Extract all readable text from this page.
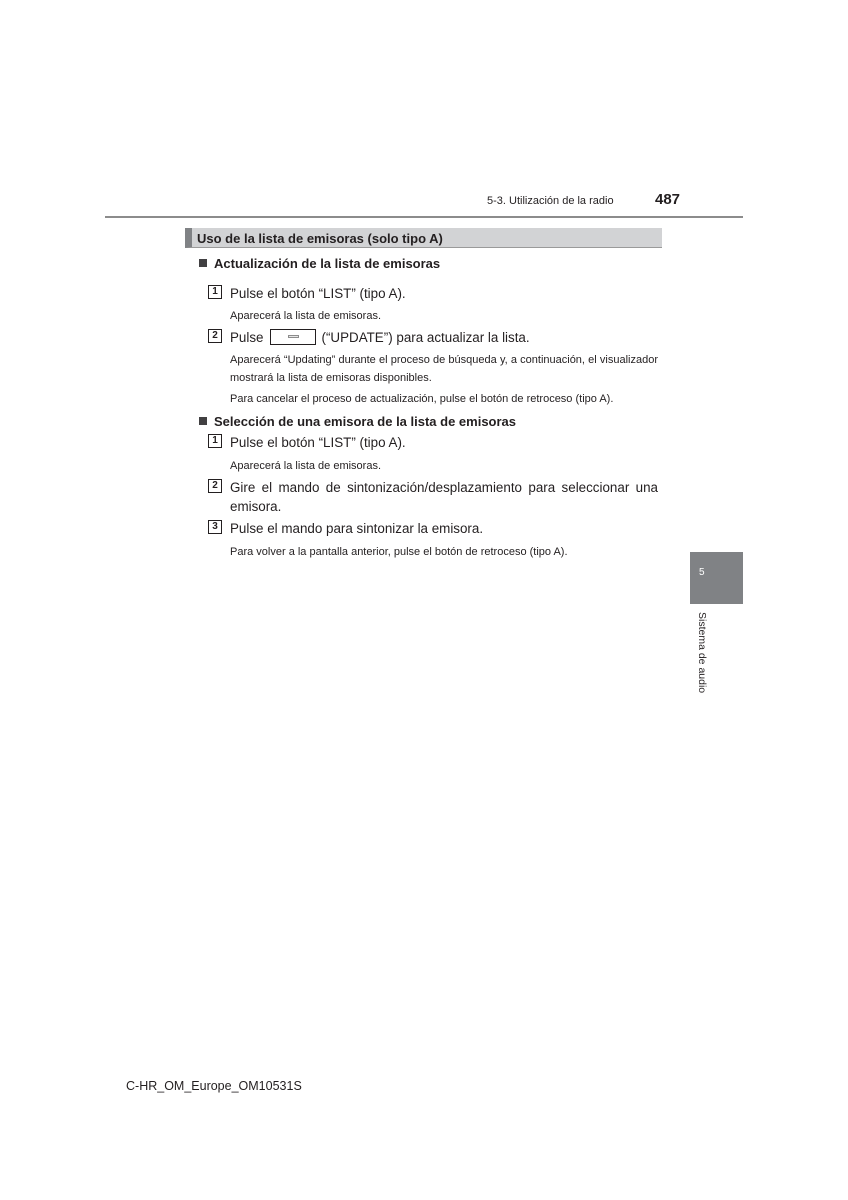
5-3. Utilización de la radio	487
Uso de la lista de emisoras (solo tipo A)
Actualización de la lista de emisoras
1 Pulse el botón “LIST” (tipo A).
Aparecerá la lista de emisoras.
2 Pulse	(“UPDATE”) para actualizar la lista.
Aparecerá “Updating” durante el proceso de búsqueda y, a continuación, el visualizador mostrará la lista de emisoras disponibles.
Para cancelar el proceso de actualización, pulse el botón de retroceso (tipo A).
Selección de una emisora de la lista de emisoras
1 Pulse el botón “LIST” (tipo A).
Aparecerá la lista de emisoras.
2 Gire el mando de sintonización/desplazamiento para seleccionar una emisora.
3 Pulse el mando para sintonizar la emisora.
Para volver a la pantalla anterior, pulse el botón de retroceso (tipo A).
5
Sistema de audio
C-HR_OM_Europe_OM10531S
